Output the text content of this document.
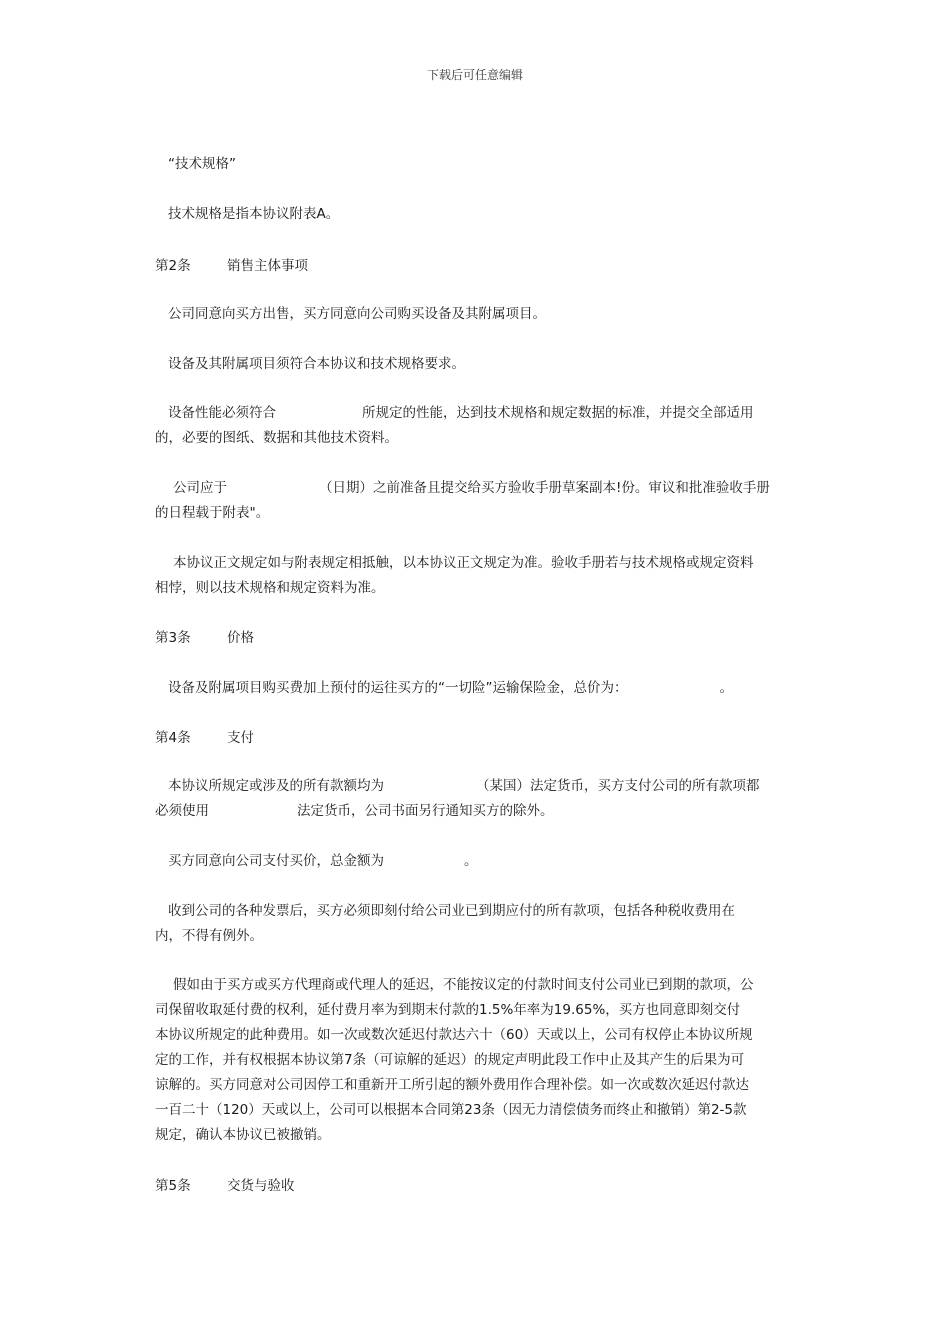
下载后可任意编辑
“技术规格”
技术规格是指本协议附表A。
第2条	销售主体事项
公司同意向买方出售，买方同意向公司购买设备及其附属项目。
设备及其附属项目须符合本协议和技术规格要求。
设备性能必须符合	所规定的性能，达到技术规格和规定数据的标准，并提交全部适用
的，必要的图纸、数据和其他技术资料。
公司应于	（日期）之前准备且提交给买方验收手册草案副本!份。审议和批准验收手册
的日程载于附表"。
本协议正文规定如与附表规定相抵触，以本协议正文规定为准。验收手册若与技术规格或规定资料
相悖，则以技术规格和规定资料为准。
第3条	价格
设备及附属项目购买费加上预付的运往买方的“一切险”运输保险金，总价为：	。
第4条	支付
本协议所规定或涉及的所有款额均为	（某国）法定货币，买方支付公司的所有款项都
必须使用	法定货币，公司书面另行通知买方的除外。
买方同意向公司支付买价，总金额为	。
收到公司的各种发票后，买方必须即刻付给公司业已到期应付的所有款项，包括各种税收费用在
内，不得有例外。
假如由于买方或买方代理商或代理人的延迟，不能按议定的付款时间支付公司业已到期的款项，公
司保留收取延付费的权利，延付费月率为到期末付款的1.5%年率为19.65%，买方也同意即刻交付
本协议所规定的此种费用。如一次或数次延迟付款达六十（60）天或以上，公司有权停止本协议所规
定的工作，并有权根据本协议第7条（可谅解的延迟）的规定声明此段工作中止及其产生的后果为可
谅解的。买方同意对公司因停工和重新开工所引起的额外费用作合理补偿。如一次或数次延迟付款达
一百二十（120）天或以上，公司可以根据本合同第23条（因无力清偿债务而终止和撤销）第2-5款
规定，确认本协议已被撤销。
第5条	交货与验收
